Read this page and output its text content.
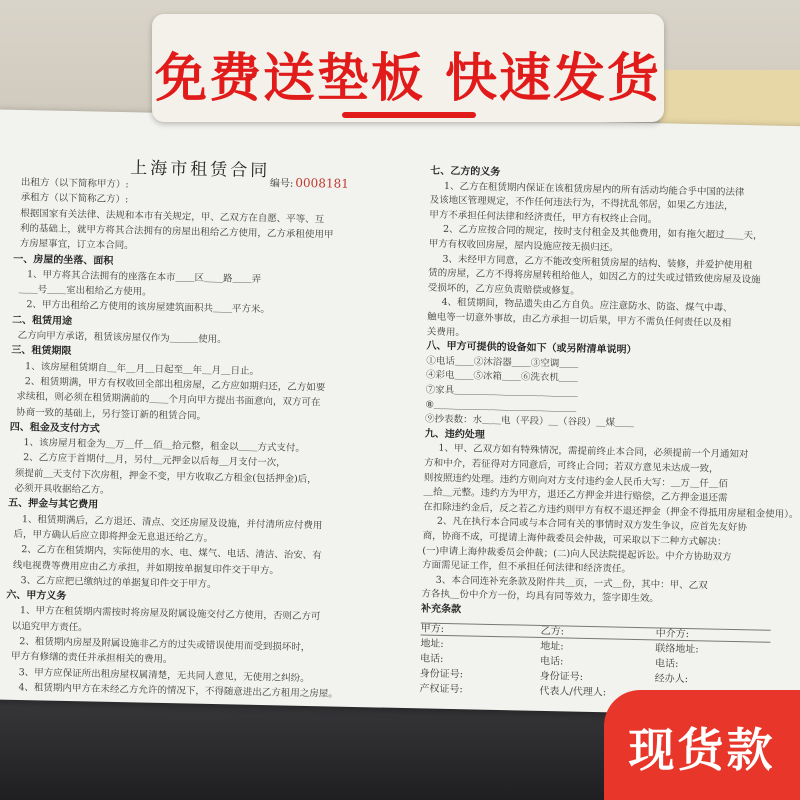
上海市租赁合同
编号: 0008181
出租方（以下简称甲方）:
承租方（以下简称乙方）:
根据国家有关法律、法规和本市有关规定，甲、乙双方在自愿、平等、互
利的基础上，就甲方将其合法拥有的房屋出租给乙方使用，乙方承租使用甲
方房屋事宜，订立本合同。
一、房屋的坐落、面积
1、甲方将其合法拥有的座落在本市＿＿区＿＿路＿＿弄
＿＿号＿＿室出租给乙方使用。
2、甲方出租给乙方使用的该房屋建筑面积共＿＿平方米。
二、租赁用途
乙方向甲方承诺，租赁该房屋仅作为＿＿＿使用。
三、租赁期限
1、该房屋租赁期自＿年＿月＿日起至＿年＿月＿日止。
2、租赁期满，甲方有权收回全部出租房屋，乙方应如期归还，乙方如要
求续租，则必须在租赁期满前的＿＿个月向甲方提出书面意向，双方可在
协商一致的基础上，另行签订新的租赁合同。
四、租金及支付方式
1、该房屋月租金为＿万＿仟＿佰＿拾元整，租金以＿＿方式支付。
2、乙方应于首期付＿月，另付＿元押金以后每＿月支付一次，
须提前＿天支付下次房租，押金不变，甲方收取乙方租金(包括押金)后，
必须开具收据给乙方。
五、押金与其它费用
1、租赁期满后，乙方退还、清点、交还房屋及设施，并付清所应付费用
后，甲方确认后应立即将押金无息退还给乙方。
2、乙方在租赁期内，实际使用的水、电、煤气、电话、清洁、治安、有
线电视费等费用应由乙方承担，并如期按单据复印件交于甲方。
3、乙方应把已缴纳过的单据复印件交于甲方。
六、甲方义务
1、甲方在租赁期内需按时将房屋及附属设施交付乙方使用，否则乙方可
以追究甲方责任。
2、租赁期内房屋及附属设施非乙方的过失或错误使用而受到损坏时，
甲方有修缮的责任并承担相关的费用。
3、甲方应保证所出租房屋权属清楚，无共同人意见，无使用之纠纷。
4、租赁期内甲方在未经乙方允许的情况下，不得随意进出乙方租用之房屋。
七、乙方的义务
1、乙方在租赁期内保证在该租赁房屋内的所有活动均能合乎中国的法律
及该地区管理规定，不作任何违法行为，不得扰乱邻居，如果乙方违法，
甲方不承担任何法律和经济责任，甲方有权终止合同。
2、乙方应按合同的规定，按时支付租金及其他费用，如有拖欠超过＿＿天，
甲方有权收回房屋，屋内设施应按无损归还。
3、未经甲方同意，乙方不能改变所租赁房屋的结构、装修，并爱护使用租
赁的房屋，乙方不得将房屋转租给他人，如因乙方的过失或过错致使房屋及设施
受损坏的，乙方应负责赔偿或修复。
4、租赁期间，物品遗失由乙方自负。应注意防水、防盗、煤气中毒、
触电等一切意外事故，由乙方承担一切后果，甲方不需负任何责任以及相
关费用。
八、甲方可提供的设备如下（或另附清单说明）
①电话＿＿②沐浴器＿＿③空调＿＿
④彩电＿＿⑤冰箱＿＿⑥洗衣机＿＿
⑦家具＿＿＿＿＿＿＿＿＿＿＿＿＿
⑧＿＿＿＿＿＿＿＿＿＿＿＿＿＿＿
⑨抄表数：水＿＿电（平段）＿（谷段）＿煤＿＿
九、违约处理
1、甲、乙双方如有特殊情况，需提前终止本合同，必须提前一个月通知对
方和中介，若征得对方同意后，可终止合同；若双方意见未达成一致，
则按照违约处理。违约方则向对方支付违约金人民币大写：＿万＿仟＿佰
＿拾＿元整。违约方为甲方，退还乙方押金并进行赔偿，乙方押金退还需
在扣除违约金后，反之若乙方违约则甲方有权不退还押金（押金不得抵用房屋租金使用）。
2、凡在执行本合同或与本合同有关的事情时双方发生争议，应首先友好协
商，协商不成，可提请上海仲裁委员会仲裁，可采取以下二种方式解决：
(一)申请上海仲裁委员会仲裁；(二)向人民法院提起诉讼。中介方协助双方
方面需见证工作，但不承担任何法律和经济责任。
3、本合同连补充条款及附件共＿页，一式＿份，其中：甲、乙双
方各执＿份中介方一份，均具有同等效力，签字即生效。
补充条款
甲方:	乙方:	中介方:
地址:	地址:	联络地址:
电话:	电话:	电话:
身份证号:	身份证号:	经办人:
产权证号:	代表人/代理人:
免费送垫板 快速发货
现货款
